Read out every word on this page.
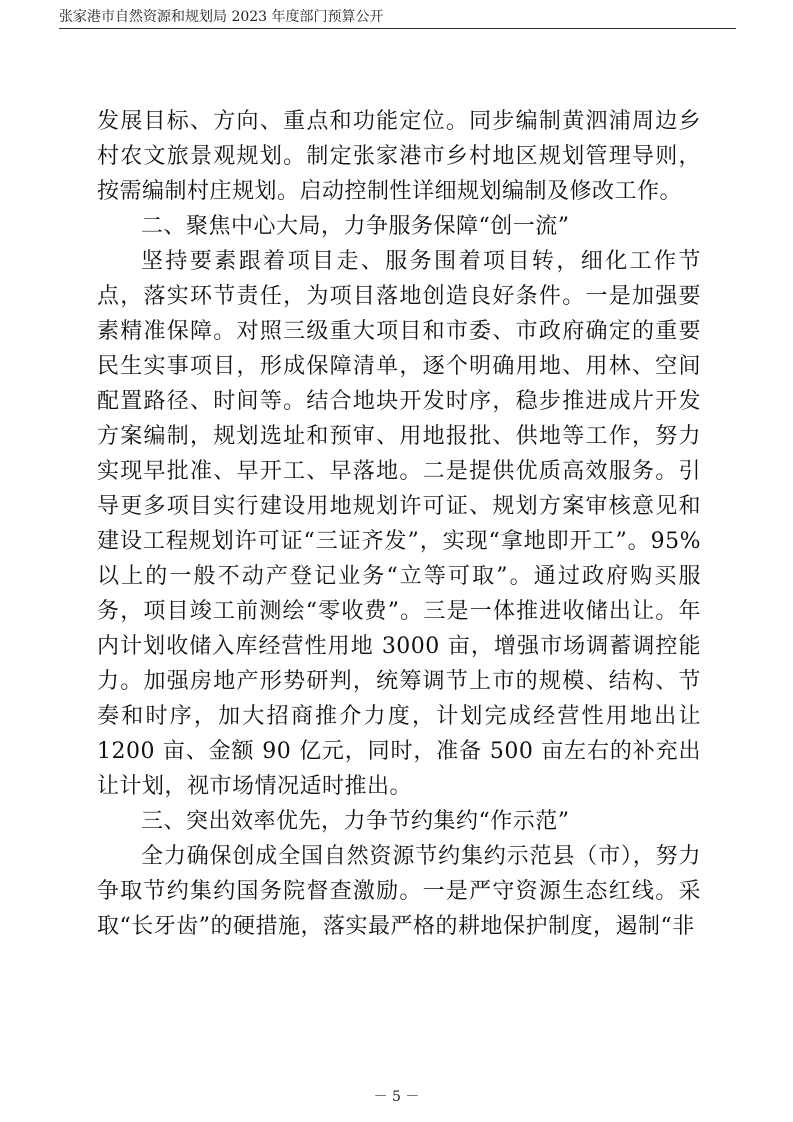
张家港市自然资源和规划局 2023 年度部门预算公开

发展目标、方向、重点和功能定位。同步编制黄泗浦周边乡村农文旅景观规划。制定张家港市乡村地区规划管理导则，按需编制村庄规划。启动控制性详细规划编制及修改工作。

二、聚焦中心大局，力争服务保障“创一流”

坚持要素跟着项目走、服务围着项目转，细化工作节点，落实环节责任，为项目落地创造良好条件。一是加强要素精准保障。对照三级重大项目和市委、市政府确定的重要民生实事项目，形成保障清单，逐个明确用地、用林、空间配置路径、时间等。结合地块开发时序，稳步推进成片开发方案编制，规划选址和预审、用地报批、供地等工作，努力实现早批准、早开工、早落地。二是提供优质高效服务。引导更多项目实行建设用地规划许可证、规划方案审核意见和建设工程规划许可证“三证齐发”，实现“拿地即开工”。95%以上的一般不动产登记业务“立等可取”。通过政府购买服务，项目竣工前测绘“零收费”。三是一体推进收储出让。年内计划收储入库经营性用地 3000 亩，增强市场调蓄调控能力。加强房地产形势研判，统筹调节上市的规模、结构、节奏和时序，加大招商推介力度，计划完成经营性用地出让 1200 亩、金额 90 亿元，同时，准备 500 亩左右的补充出让计划，视市场情况适时推出。

三、突出效率优先，力争节约集约“作示范”

全力确保创成全国自然资源节约集约示范县（市），努力争取节约集约国务院督查激励。一是严守资源生态红线。采取“长牙齿”的硬措施，落实最严格的耕地保护制度，遏制“非

－ 5 －
